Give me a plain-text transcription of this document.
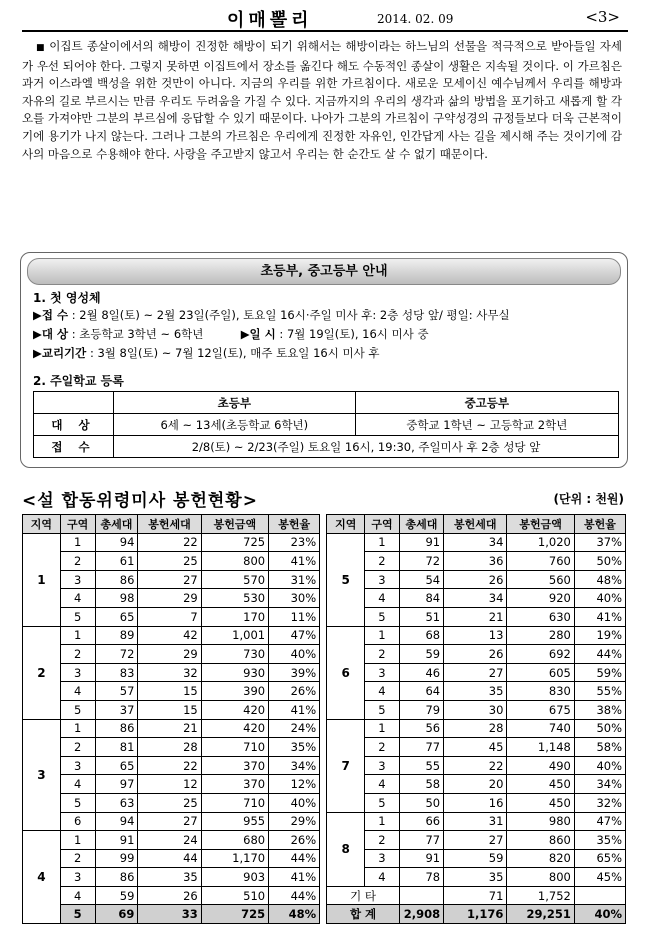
이매뽈리	2014. 02. 09	<3>
■ 이집트 종살이에서의 해방이 진정한 해방이 되기 위해서는 해방이라는 하느님의 선물을 적극적으로 받아들일 자세가 우선 되어야 한다. 그렇지 못하면 이집트에서 장소를 옮긴다 해도 수동적인 종살이 생활은 지속될 것이다. 이 가르침은 과거 이스라엘 백성을 위한 것만이 아니다. 지금의 우리를 위한 가르침이다. 새로운 모세이신 예수님께서 우리를 해방과 자유의 길로 부르시는 만큼 우리도 두려움을 가질 수 있다. 지금까지의 우리의 생각과 삶의 방법을 포기하고 새롭게 할 각오를 가져야만 그분의 부르심에 응답할 수 있기 때문이다. 나아가 그분의 가르침이 구약성경의 규정들보다 더욱 근본적이기에 용기가 나지 않는다. 그러나 그분의 가르침은 우리에게 진정한 자유인, 인간답게 사는 길을 제시해 주는 것이기에 감사의 마음으로 수용해야 한다. 사랑을 주고받지 않고서 우리는 한 순간도 살 수 없기 때문이다.
초등부, 중고등부 안내
1. 첫 영성체
▶접 수 : 2월 8일(토) ~ 2월 23일(주일), 토요일 16시·주일 미사 후: 2층 성당 앞/ 평일: 사무실
▶대 상 : 초등학교 3학년 ~ 6학년	▶일 시 : 7월 19일(토), 16시 미사 중
▶교리기간 : 3월 8일(토) ~ 7월 12일(토), 매주 토요일 16시 미사 후
2. 주일학교 등록
	초등부	중고등부
대 상	6세 ~ 13세(초등학교 6학년)	중학교 1학년 ~ 고등학교 2학년
접 수	2/8(토) ~ 2/23(주일) 토요일 16시, 19:30, 주일미사 후 2층 성당 앞	
<설 합동위령미사 봉헌현황>	(단위 : 천원)
지역	구역	총세대	봉헌세대	봉헌금액	봉헌율		지역	구역	총세대	봉헌세대	봉헌금액	봉헌율
1	1	94	22	725	23%		5	1	91	34	1,020	37%
	2	61	25	800	41%			2	72	36	760	50%
	3	86	27	570	31%			3	54	26	560	48%
	4	98	29	530	30%			4	84	34	920	40%
	5	65	7	170	11%			5	51	21	630	41%
2	1	89	42	1,001	47%		6	1	68	13	280	19%
	2	72	29	730	40%			2	59	26	692	44%
	3	83	32	930	39%			3	46	27	605	59%
	4	57	15	390	26%			4	64	35	830	55%
	5	37	15	420	41%			5	79	30	675	38%
3	1	86	21	420	24%		7	1	56	28	740	50%
	2	81	28	710	35%			2	77	45	1,148	58%
	3	65	22	370	34%			3	55	22	490	40%
	4	97	12	370	12%			4	58	20	450	34%
	5	63	25	710	40%			5	50	16	450	32%
	6	94	27	955	29%		8	1	66	31	980	47%
4	1	91	24	680	26%			2	77	27	860	35%
	2	99	44	1,170	44%			3	91	59	820	65%
	3	86	35	903	41%			4	78	35	800	45%
	4	59	26	510	44%		기 타			71	1,752	
	5	69	33	725	48%		합 계		2,908	1,176	29,251	40%
